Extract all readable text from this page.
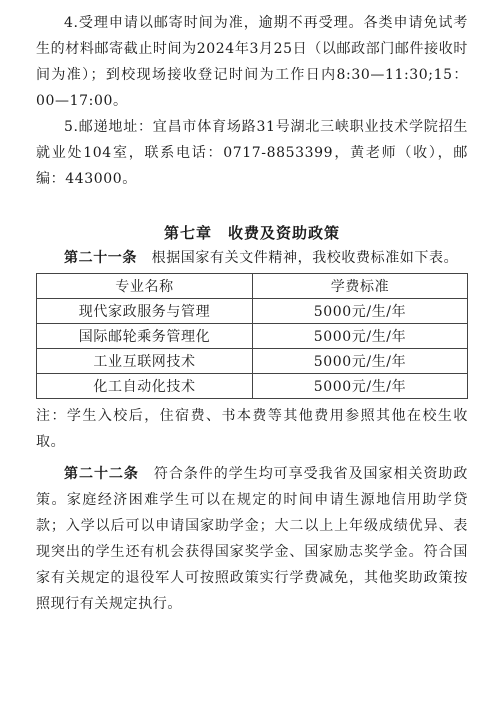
4.受理申请以邮寄时间为准，逾期不再受理。各类申请免试考生的材料邮寄截止时间为2024年3月25日（以邮政部门邮件接收时间为准）；到校现场接收登记时间为工作日内8:30—11:30;15：00—17:00。

5.邮递地址：宜昌市体育场路31号湖北三峡职业技术学院招生就业处104室，联系电话：0717-8853399，黄老师（收），邮编：443000。

第七章　收费及资助政策

第二十一条　根据国家有关文件精神，我校收费标准如下表。

专业名称	学费标准
现代家政服务与管理	5000元/生/年
国际邮轮乘务管理化	5000元/生/年
工业互联网技术	5000元/生/年
化工自动化技术	5000元/生/年

注：学生入校后，住宿费、书本费等其他费用参照其他在校生收取。

第二十二条　符合条件的学生均可享受我省及国家相关资助政策。家庭经济困难学生可以在规定的时间申请生源地信用助学贷款；入学以后可以申请国家助学金；大二以上上年级成绩优异、表现突出的学生还有机会获得国家奖学金、国家励志奖学金。符合国家有关规定的退役军人可按照政策实行学费减免，其他奖助政策按照现行有关规定执行。
